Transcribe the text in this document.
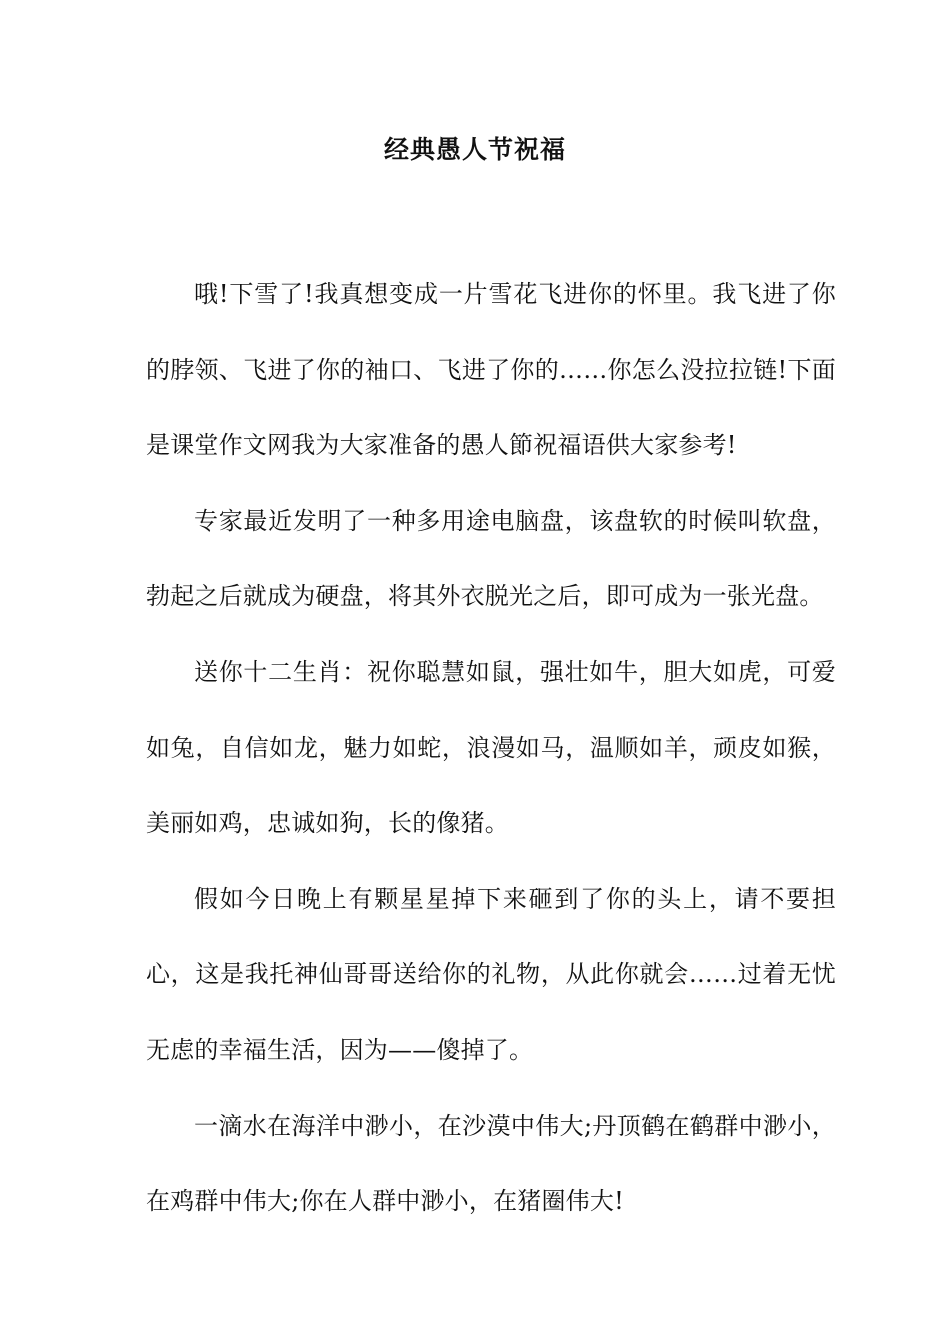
经典愚人节祝福

哦!下雪了!我真想变成一片雪花飞进你的怀里。我飞进了你的脖领、飞进了你的袖口、飞进了你的……你怎么没拉拉链!下面是课堂作文网我为大家准备的愚人節祝福语供大家参考!

专家最近发明了一种多用途电脑盘，该盘软的时候叫软盘，勃起之后就成为硬盘，将其外衣脱光之后，即可成为一张光盘。

送你十二生肖：祝你聪慧如鼠，强壮如牛，胆大如虎，可爱如兔，自信如龙，魅力如蛇，浪漫如马，温顺如羊，顽皮如猴，美丽如鸡，忠诚如狗，长的像猪。

假如今日晚上有颗星星掉下来砸到了你的头上，请不要担心，这是我托神仙哥哥送给你的礼物，从此你就会……过着无忧无虑的幸福生活，因为——傻掉了。

一滴水在海洋中渺小，在沙漠中伟大;丹顶鹤在鹤群中渺小，在鸡群中伟大;你在人群中渺小，在猪圈伟大!
